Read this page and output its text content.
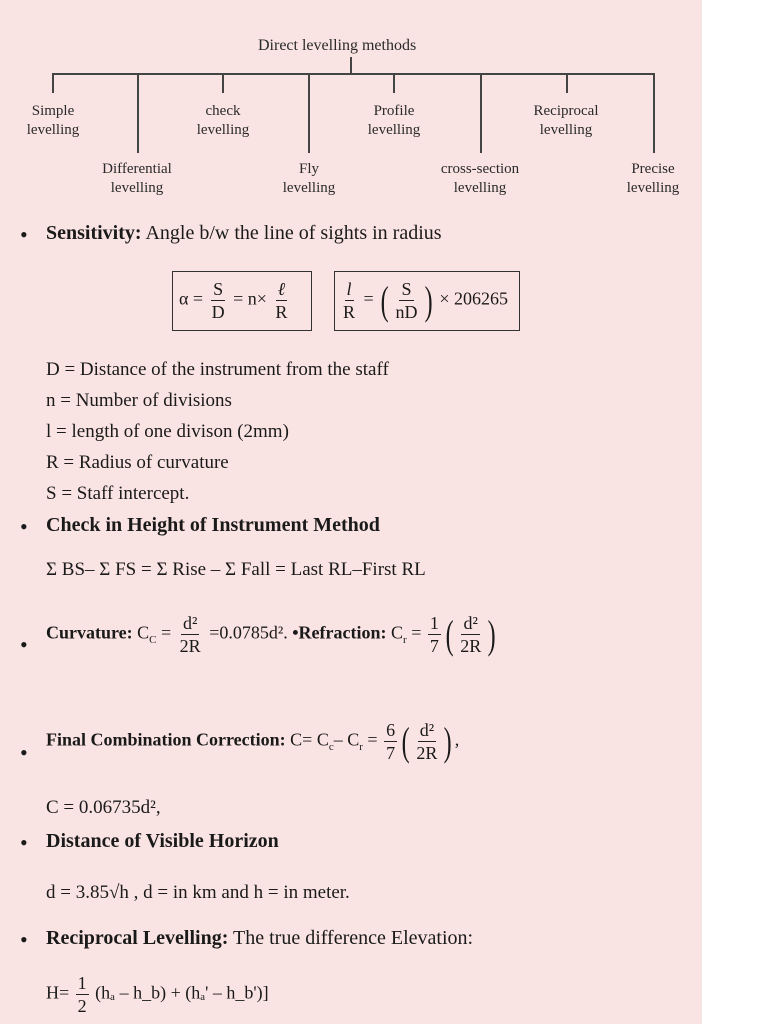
Direct levelling methods
Simple
levelling
check
levelling
Profile
levelling
Reciprocal
levelling
Differential
levelling
Fly
levelling
cross-section
levelling
Precise
levelling
• Sensitivity: Angle b/w the line of sights in radius
$\alpha = \frac{S}{D} = n\times \frac{\text{ℓ}}{R}$	$\frac{l}{R}$ = ( $\frac{S}{nD}$ ) × 206265
D = Distance of the instrument from the staff
n = Number of divisions
l = length of one divison (2mm)
R = Radius of curvature
S = Staff intercept.
• Check in Height of Instrument Method
Σ BS– Σ FS = Σ Rise – Σ Fall = Last RL–First RL
• Curvature: $C_C = \frac{\text{d²}}{2R} =0.0785d^2$. •Refraction: $C_r = \frac{1}{7}$ ( $\frac{\text{d²}}{2R}$ )
•
Final Combination Correction: $C= C_c-$ $C_r = \frac{6}{7}$ ( $\frac{\text{d²}}{2R}$ ) ,
C = 0.06735d²,
• Distance of Visible Horizon
d = 3.85√h , d = in km and h = in meter.
• Reciprocal Levelling: The true difference Elevation:
$H= \frac{1}{2} (h_a$ – h_b) + (hₐ' – h_b')]
